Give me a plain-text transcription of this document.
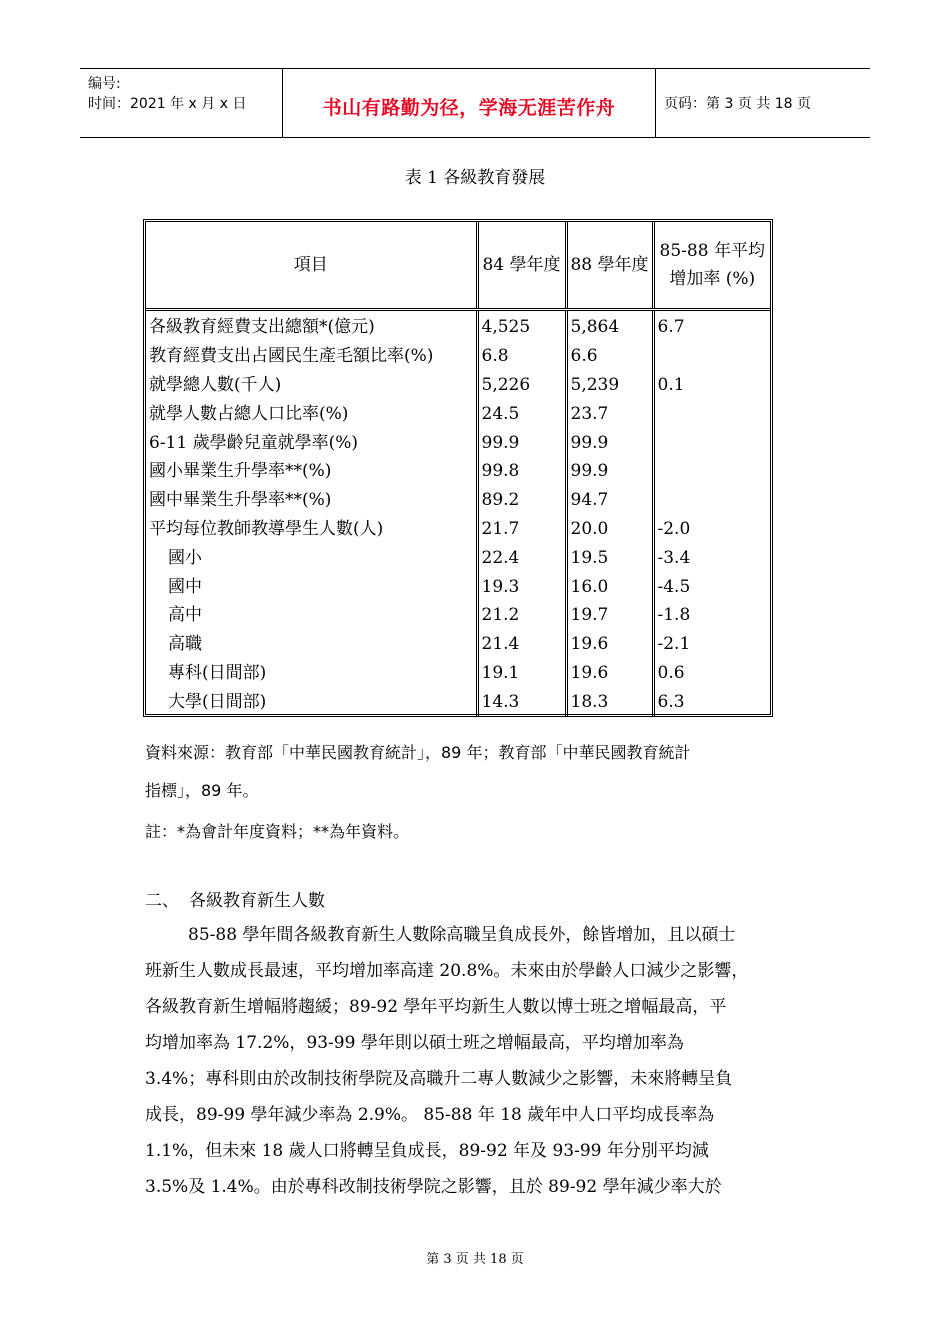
编号:
时间：2021 年 x 月 x 日	书山有路勤为径，学海无涯苦作舟	页码：第 3 页 共 18 页
表 1 各級教育發展
項目	84 學年度	88 學年度	85-88 年平均增加率 (%)
各級教育經費支出總額*(億元)	4,525	5,864	6.7
教育經費支出占國民生產毛額比率(%)	6.8	6.6	
就學總人數(千人)	5,226	5,239	0.1
就學人數占總人口比率(%)	24.5	23.7	
6-11 歲學齡兒童就學率(%)	99.9	99.9	
國小畢業生升學率**(%)	99.8	99.9	
國中畢業生升學率**(%)	89.2	94.7	
平均每位教師教導學生人數(人)	21.7	20.0	-2.0
國小	22.4	19.5	-3.4
國中	19.3	16.0	-4.5
高中	21.2	19.7	-1.8
高職	21.4	19.6	-2.1
專科(日間部)	19.1	19.6	0.6
大學(日間部)	14.3	18.3	6.3
資料來源：教育部「中華民國教育統計」，89 年；教育部「中華民國教育統計
指標」，89 年。
註：*為會計年度資料；**為年資料。
二、 各級教育新生人數
85-88 學年間各級教育新生人數除高職呈負成長外，餘皆增加，且以碩士
班新生人數成長最速，平均增加率高達 20.8%。未來由於學齡人口減少之影響，
各級教育新生增幅將趨緩；89-92 學年平均新生人數以博士班之增幅最高，平
均增加率為 17.2%，93-99 學年則以碩士班之增幅最高，平均增加率為
3.4%；專科則由於改制技術學院及高職升二專人數減少之影響，未來將轉呈負
成長，89-99 學年減少率為 2.9%。 85-88 年 18 歲年中人口平均成長率為
1.1%，但未來 18 歲人口將轉呈負成長，89-92 年及 93-99 年分別平均減
3.5%及 1.4%。由於專科改制技術學院之影響，且於 89-92 學年減少率大於
第 3 页 共 18 页
